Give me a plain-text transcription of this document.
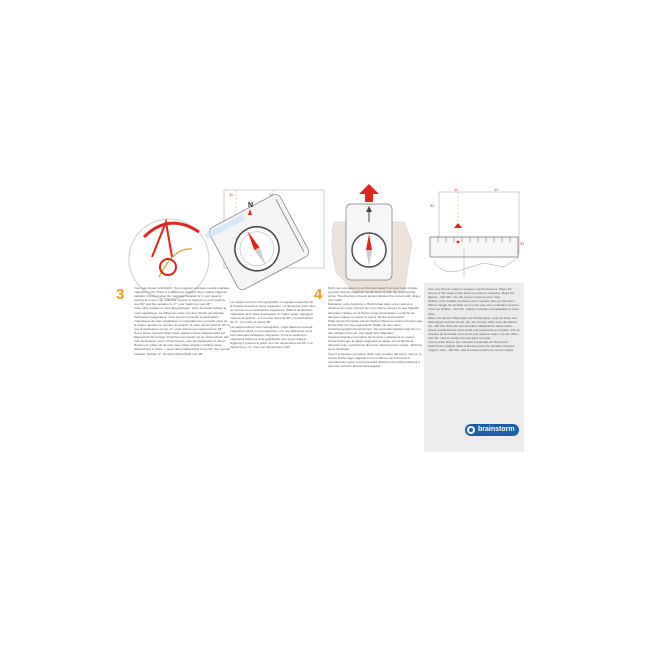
11	12
N
3	Your map shows Grid North. Your magnetic compass needle indicates magnetic north. There is a difference between them called magnetic variation. Find out what the magnetic variation is in your area by looking at a new map. Add that number of degrees to your bearing was 50° and the variation is -2°, your bearing is now 48°.
Votre carte indique le nord géographique. Votre boussole indique le nord magnétique. La différence entre ces deux Nords est appelée déclinaison magnétique. Vous pouvez consulter la déclinaison magnétique de votre localisation en regardant une nouvelle carte de la région. Ajoutez ce nombre de degrés. Si votre azimut était de 50° et que la déclinaison est de -2°, votre azimut est maintenant de 48°.
Deine Karte zeigt auf Gitter-Nord, während deine Magnetnadel auf Magnetisch-Nord zeigt. Zwischen den beiden ist ein Unterschied, den man Deklination nennt. Finde heraus, was die Deklination in deiner Region ist, indem du dir eine neue Karte ansiehst. Addiere diese Abweichung in Grad — wenn deine Marschzahl zuvor 50° war und die Variation beträgt -2°, ist deine Marschzahl nun 48°.
La mappa mostra il nord geografico. La agujas magnetica de la brújula muestra el norte magnético. La diferencia entre ellos se conoce como declinación magnética. Halla la declinación magnética de tu área observando un mapa nuevo. Agrega el número de grados - si tu rumbo fuera de 50° y la declinación de -2°, tu rumbo es ahora 48°.
La mappa indica il nord cartografico. L'ago della tua bussola magnetica indica il nord magnetico. C'è una differenza tra di essi chiamata variazione magnetica. Trova la variazione magnetica della tua zona guardando una nuova mappa. Aggiungi il numero di gradi: se il tuo rilevamento era 50° e la variazione è -2°, ora il tuo rilevamento è 48°.
4 Hold your compass in your flat hand away from your body. Rotate yourself until the magnetic needle lines up with the red orienting arrow. The direction of travel arrow indicates the correct path. Enjoy your walk!
Maintenez votre boussole à l'horizontale dans votre main et à distance du corps. Pivotez sur vous-même jusqu'à ce que l'aiguille aimantée s'aligne sur la flèche rouge d'orientation. La flèche de direction indique le chemin à suivre. Bonne promenade !
Halte deinen Kompass auf der flachen Hand von deinem Körper weg. Drehe dich, bis die magnetische Nadel mit dem roten Ausrichtungspfeil übereinstimmt. Der Ausrichtungspfeil zeigt dir nun den richtigen Kurs an. Viel Spaß beim Wandern!
Sujeta la brújula en la palma de la mano y alejada de tu cuerpo. Girate hasta que la aguja magnética se alinee con la flecha de dirección roja. La flecha de dirección indica la ruta a seguir. ¡Disfruta de tu caminata!
Tieni il compasso sul palmo della mano lontano dal corpo. Gira su te stesso finché l'ago magnetico non si allinea con la freccia di orientamento rossa. La freccia della direzione di marcia indicherà il percorso corretto. Buona passeggiata!
11	12
31
32
Use your Romer scale to measure a grid reference. Place the corner of the scale on the point you want to measure. Read the figures - 118 311. Use the correct scale for your map.
Utilisez votre échelle de Romer pour mesurer des coordonnées. Placez l'angle de l'échelle sur le point que vous souhaitez mesurer. Lisez les chiffres : 118 311. Utilisez l'échelle correspondant à votre carte.
Misss mit deinem Planzeiger ein Planquadrat. Lege die Ecke des Planzeigers auf den Punkt, den du messen willst. Lies die Zahlen ab - 118 311. Benutze den korrekten Maßstab für deine Karte.
Usa la escala Romer para medir una referencia en el plano. Pon la esquina de la escala en el punto que quieres medir. Lee las cifras - 118 311. Usa la escala correcta para tu mapa.
Usa la scala Romer per misurare il reticolato di riferimento. Posiziona lo spigolo della scala sul punto che desideri misurare. Leggi le cifre - 118 311. Usa la scala corretta per la tua mappa.
brainstorm
